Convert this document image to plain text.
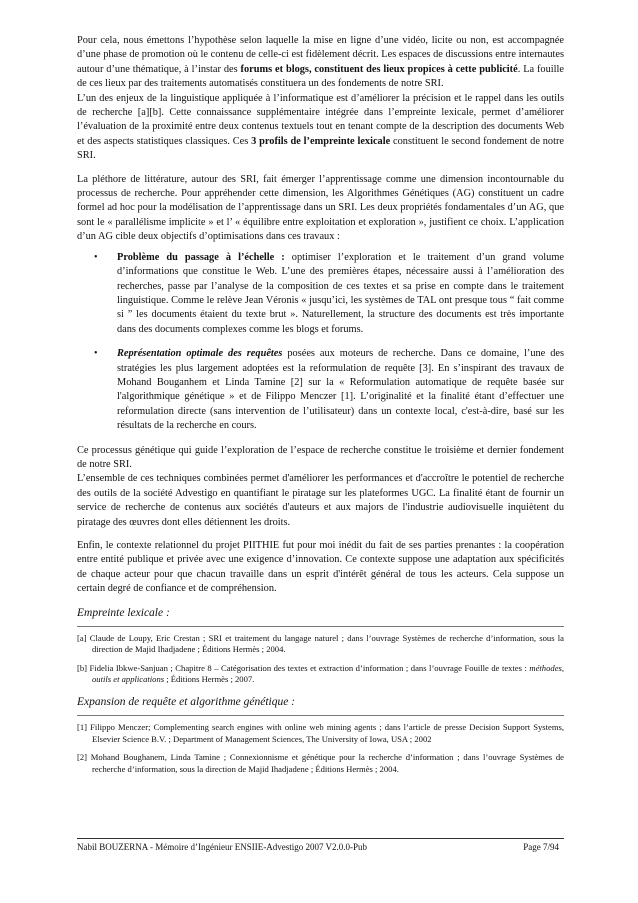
Pour cela, nous émettons l’hypothèse selon laquelle la mise en ligne d’une vidéo, licite ou non, est accompagnée d’une phase de promotion où le contenu de celle-ci est fidèlement décrit. Les espaces de discussions entre internautes autour d’une thématique, à l’instar des forums et blogs, constituent des lieux propices à cette publicité. La fouille de ces lieux par des traitements automatisés constituera un des fondements de notre SRI.

L’un des enjeux de la linguistique appliquée à l’informatique est d’améliorer la précision et le rappel dans les outils de recherche [a][b]. Cette connaissance supplémentaire intégrée dans l’empreinte lexicale, permet d’améliorer l’évaluation de la proximité entre deux contenus textuels tout en tenant compte de la description des documents Web et des aspects statistiques classiques. Ces 3 profils de l’empreinte lexicale constituent le second fondement de notre SRI.

La pléthore de littérature, autour des SRI, fait émerger l’apprentissage comme une dimension incontournable du processus de recherche. Pour appréhender cette dimension, les Algorithmes Génétiques (AG) constituent un cadre formel ad hoc pour la modélisation de l’apprentissage dans un SRI. Les deux propriétés fondamentales d’un AG, que sont le « parallélisme implicite » et l’ « équilibre entre exploitation et exploration », justifient ce choix. L’application d’un AG cible deux objectifs d’optimisations dans ces travaux :

• Problème du passage à l’échelle : optimiser l’exploration et le traitement d’un grand volume d’informations que constitue le Web. L’une des premières étapes, nécessaire aussi à l’amélioration des recherches, passe par l’analyse de la composition de ces textes et sa prise en compte dans le traitement linguistique. Comme le relève Jean Véronis « jusqu’ici, les systèmes de TAL ont presque tous “ fait comme si ” les documents étaient du texte brut ». Naturellement, la structure des documents est très importante dans des documents complexes comme les blogs et forums.
• Représentation optimale des requêtes posées aux moteurs de recherche. Dans ce domaine, l’une des stratégies les plus largement adoptées est la reformulation de requête [3]. En s’inspirant des travaux de Mohand Bouganhem et Linda Tamine [2] sur la « Reformulation automatique de requête basée sur l'algorithmique génétique » et de Filippo Menczer [1]. L’originalité et la finalité étant d’effectuer une reformulation directe (sans intervention de l’utilisateur) dans un contexte local, c'est-à-dire, basé sur les résultats de la recherche en cours.

Ce processus génétique qui guide l’exploration de l’espace de recherche constitue le troisième et dernier fondement de notre SRI.

L’ensemble de ces techniques combinées permet d'améliorer les performances et d'accroître le potentiel de recherche des outils de la société Advestigo en quantifiant le piratage sur les plateformes UGC. La finalité étant de fournir un service de recherche de contenus aux sociétés d'auteurs et aux majors de l'industrie audiovisuelle inquiètent du piratage des œuvres dont elles détiennent les droits.

Enfin, le contexte relationnel du projet PIITHIE fut pour moi inédit du fait de ses parties prenantes : la coopération entre entité publique et privée avec une exigence d’innovation. Ce contexte suppose une adaptation aux spécificités de chaque acteur pour que chacun travaille dans un esprit d'intérêt général de tous les acteurs. Cela suppose un certain degré de confiance et de compréhension.

Empreinte lexicale :

[a] Claude de Loupy, Eric Crestan ; SRI et traitement du langage naturel ; dans l’ouvrage Systèmes de recherche d’information, sous la direction de Majid Ihadjadene ; Éditions Hermès ; 2004.

[b] Fidelia Ibkwe-Sanjuan ; Chapitre 8 – Catégorisation des textes et extraction d’information ; dans l’ouvrage Fouille de textes : méthodes, outils et applications ; Éditions Hermès ; 2007.

Expansion de requête et algorithme génétique :

[1] Filippo Menczer; Complementing search engines with online web mining agents ; dans l’article de presse Decision Support Systems, Elsevier Science B.V. ; Department of Management Sciences, The University of Iowa, USA ; 2002

[2] Mohand Boughanem, Linda Tamine ; Connexionnisme et génétique pour la recherche d’information ; dans l’ouvrage Systèmes de recherche d’information, sous la direction de Majid Ihadjadene ; Éditions Hermès ; 2004.

Nabil BOUZERNA - Mémoire d’Ingénieur ENSIIE-Advestigo 2007 V2.0.0-Pub	Page 7/94
